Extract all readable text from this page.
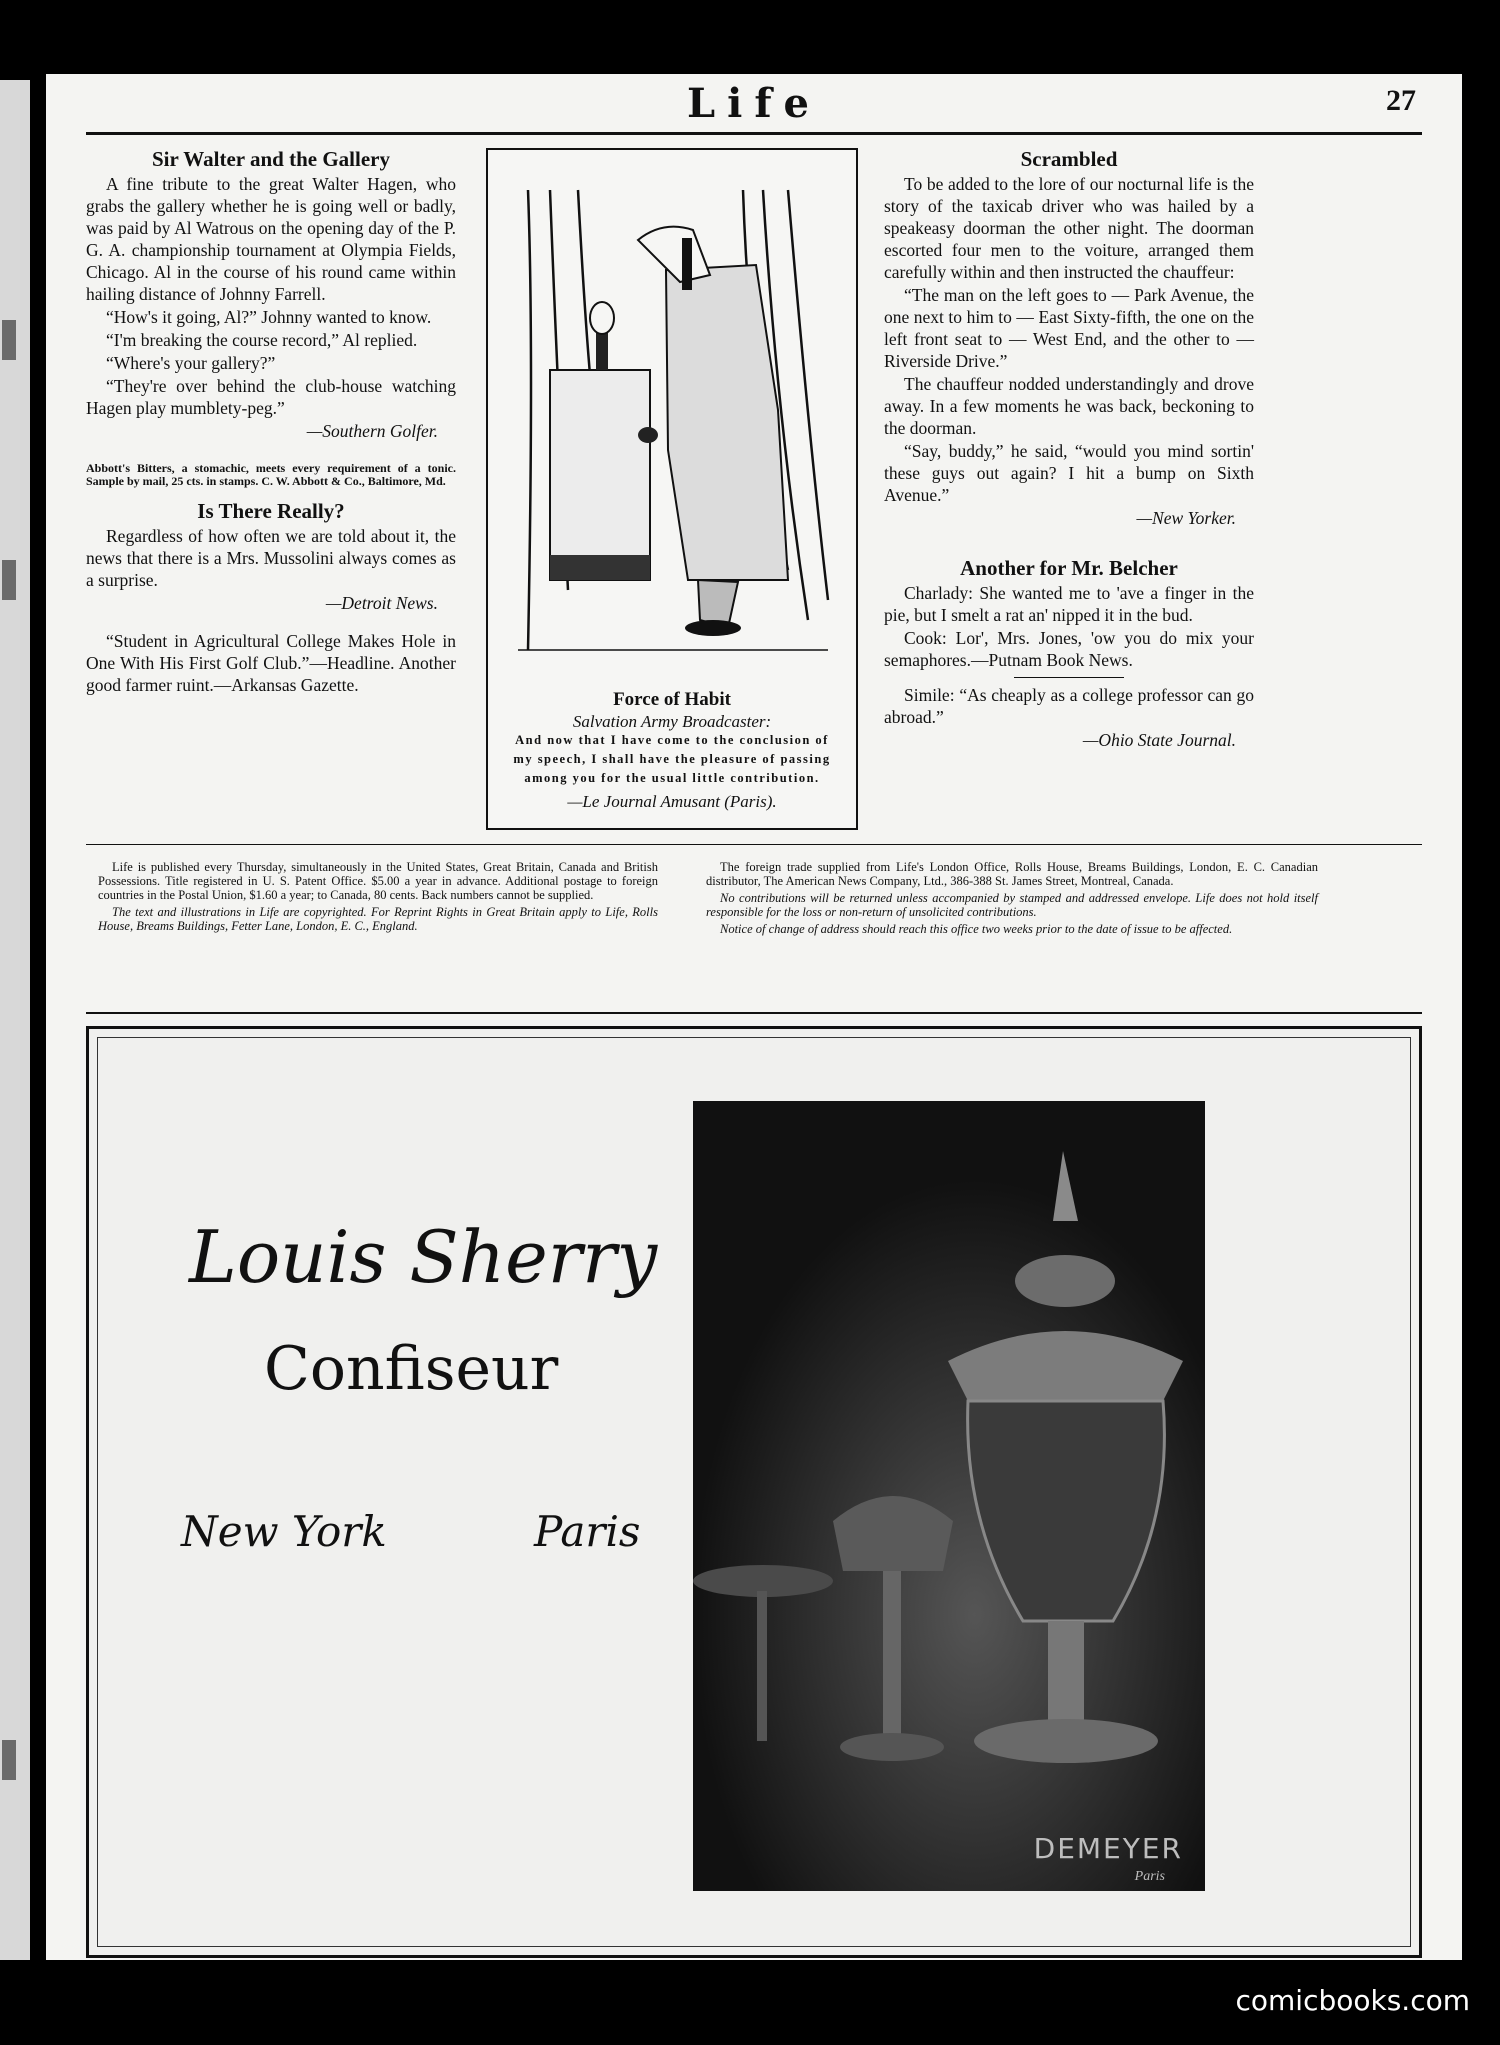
Life	27
Sir Walter and the Gallery

A fine tribute to the great Walter Hagen, who grabs the gallery whether he is going well or badly, was paid by Al Watrous on the opening day of the P. G. A. championship tournament at Olympia Fields, Chicago. Al in the course of his round came within hailing distance of Johnny Farrell.

“How's it going, Al?” Johnny wanted to know.

“I'm breaking the course record,” Al replied.

“Where's your gallery?”

“They're over behind the club-house watching Hagen play mumblety-peg.”

—Southern Golfer.
Abbott's Bitters, a stomachic, meets every requirement of a tonic. Sample by mail, 25 cts. in stamps. C. W. Abbott & Co., Baltimore, Md.
Is There Really?

Regardless of how often we are told about it, the news that there is a Mrs. Mussolini always comes as a surprise.

—Detroit News.

“Student in Agricultural College Makes Hole in One With His First Golf Club.”—Headline. Another good farmer ruint.—Arkansas Gazette.

Force of Habit
Salvation Army Broadcaster:
And now that I have come to the conclusion of my speech, I shall have the pleasure of passing among you for the usual little contribution.
—Le Journal Amusant (Paris).
Scrambled

To be added to the lore of our nocturnal life is the story of the taxicab driver who was hailed by a speakeasy doorman the other night. The doorman escorted four men to the voiture, arranged them carefully within and then instructed the chauffeur:

“The man on the left goes to — Park Avenue, the one next to him to — East Sixty-fifth, the one on the left front seat to — West End, and the other to — Riverside Drive.”

The chauffeur nodded understandingly and drove away. In a few moments he was back, beckoning to the doorman.

“Say, buddy,” he said, “would you mind sortin' these guys out again? I hit a bump on Sixth Avenue.”

—New Yorker.
Another for Mr. Belcher

Charlady: She wanted me to 'ave a finger in the pie, but I smelt a rat an' nipped it in the bud.

Cook: Lor', Mrs. Jones, 'ow you do mix your semaphores.—Putnam Book News.

Simile: “As cheaply as a college professor can go abroad.”

—Ohio State Journal.

Life is published every Thursday, simultaneously in the United States, Great Britain, Canada and British Possessions. Title registered in U. S. Patent Office. $5.00 a year in advance. Additional postage to foreign countries in the Postal Union, $1.60 a year; to Canada, 80 cents. Back numbers cannot be supplied.

The text and illustrations in Life are copyrighted. For Reprint Rights in Great Britain apply to Life, Rolls House, Breams Buildings, Fetter Lane, London, E. C., England.

The foreign trade supplied from Life's London Office, Rolls House, Breams Buildings, London, E. C. Canadian distributor, The American News Company, Ltd., 386-388 St. James Street, Montreal, Canada.

No contributions will be returned unless accompanied by stamped and addressed envelope. Life does not hold itself responsible for the loss or non-return of unsolicited contributions.

Notice of change of address should reach this office two weeks prior to the date of issue to be affected.

Louis Sherry
Confiseur
New York	Paris
DEMEYER
Paris
comicbooks.com
